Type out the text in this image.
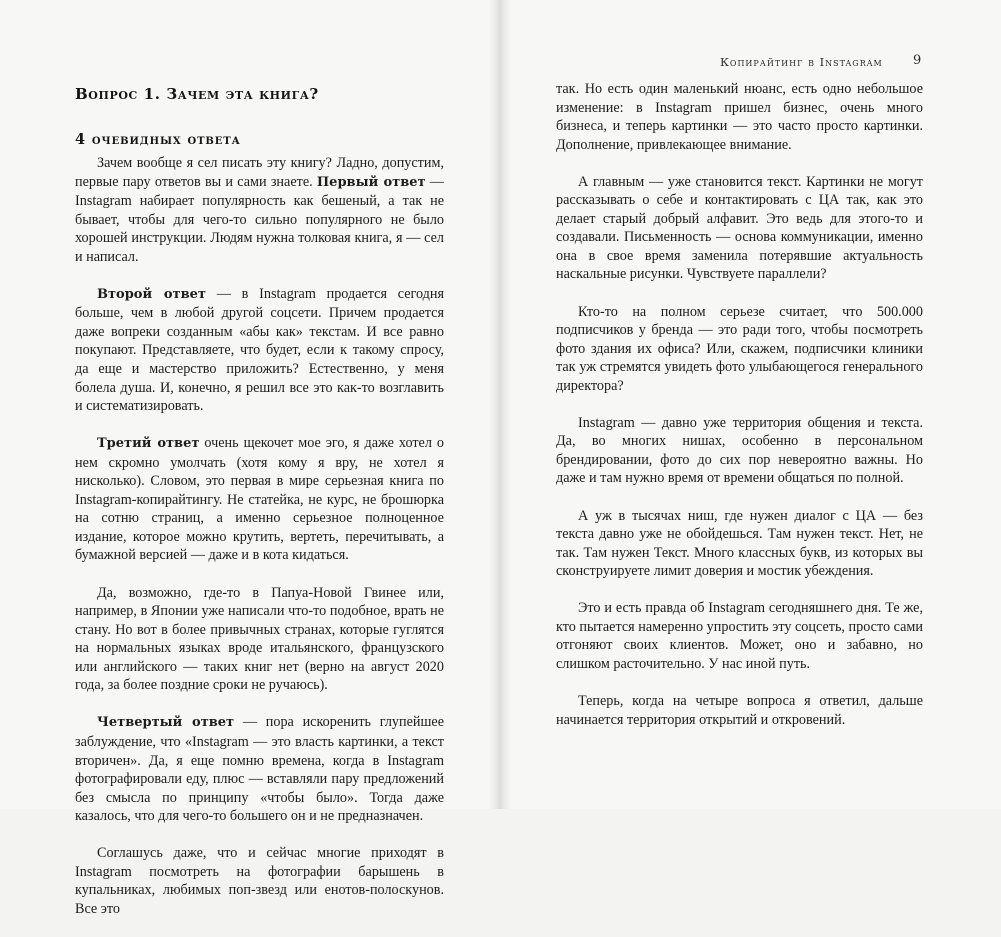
Вопрос 1. Зачем эта книга?
4 очевидных ответа

Зачем вообще я сел писать эту книгу? Ладно, допустим, первые пару ответов вы и сами знаете. Первый ответ — Instagram набирает популярность как бешеный, а так не бывает, чтобы для чего-то сильно популярного не было хорошей инструкции. Людям нужна толковая книга, я — сел и написал.

Второй ответ — в Instagram продается сегодня больше, чем в любой другой соцсети. Причем продается даже вопреки созданным «абы как» текстам. И все равно покупают. Представляете, что будет, если к такому спросу, да еще и мастерство приложить? Естественно, у меня болела душа. И, конечно, я решил все это как-то возглавить и систематизировать.

Третий ответ очень щекочет мое эго, я даже хотел о нем скромно умолчать (хотя кому я вру, не хотел я нисколько). Словом, это первая в мире серьезная книга по Instagram-копирайтингу. Не статейка, не курс, не брошюрка на сотню страниц, а именно серьезное полноценное издание, которое можно крутить, вертеть, перечитывать, а бумажной версией — даже и в кота кидаться.

Да, возможно, где-то в Папуа-Новой Гвинее или, например, в Японии уже написали что-то подобное, врать не стану. Но вот в более привычных странах, которые гуглятся на нормальных языках вроде итальянского, французского или английского — таких книг нет (верно на август 2020 года, за более поздние сроки не ручаюсь).

Четвертый ответ — пора искоренить глупейшее заблуждение, что «Instagram — это власть картинки, а текст вторичен». Да, я еще помню времена, когда в Instagram фотографировали еду, плюс — вставляли пару предложений без смысла по принципу «чтобы было». Тогда даже казалось, что для чего-то большего он и не предназначен.

Соглашусь даже, что и сейчас многие приходят в Instagram посмотреть на фотографии барышень в купальниках, любимых поп-звезд или енотов-полоскунов. Все это

Копирайтинг в Instagram 9

так. Но есть один маленький нюанс, есть одно небольшое изменение: в Instagram пришел бизнес, очень много бизнеса, и теперь картинки — это часто просто картинки. Дополнение, привлекающее внимание.

А главным — уже становится текст. Картинки не могут рассказывать о себе и контактировать с ЦА так, как это делает старый добрый алфавит. Это ведь для этого-то и создавали. Письменность — основа коммуникации, именно она в свое время заменила потерявшие актуальность наскальные рисунки. Чувствуете параллели?

Кто-то на полном серьезе считает, что 500.000 подписчиков у бренда — это ради того, чтобы посмотреть фото здания их офиса? Или, скажем, подписчики клиники так уж стремятся увидеть фото улыбающегося генерального директора?

Instagram — давно уже территория общения и текста. Да, во многих нишах, особенно в персональном брендировании, фото до сих пор невероятно важны. Но даже и там нужно время от времени общаться по полной.

А уж в тысячах ниш, где нужен диалог с ЦА — без текста давно уже не обойдешься. Там нужен текст. Нет, не так. Там нужен Текст. Много классных букв, из которых вы сконструируете лимит доверия и мостик убеждения.

Это и есть правда об Instagram сегодняшнего дня. Те же, кто пытается намеренно упростить эту соцсеть, просто сами отгоняют своих клиентов. Может, оно и забавно, но слишком расточительно. У нас иной путь.

Теперь, когда на четыре вопроса я ответил, дальше начинается территория открытий и откровений.
